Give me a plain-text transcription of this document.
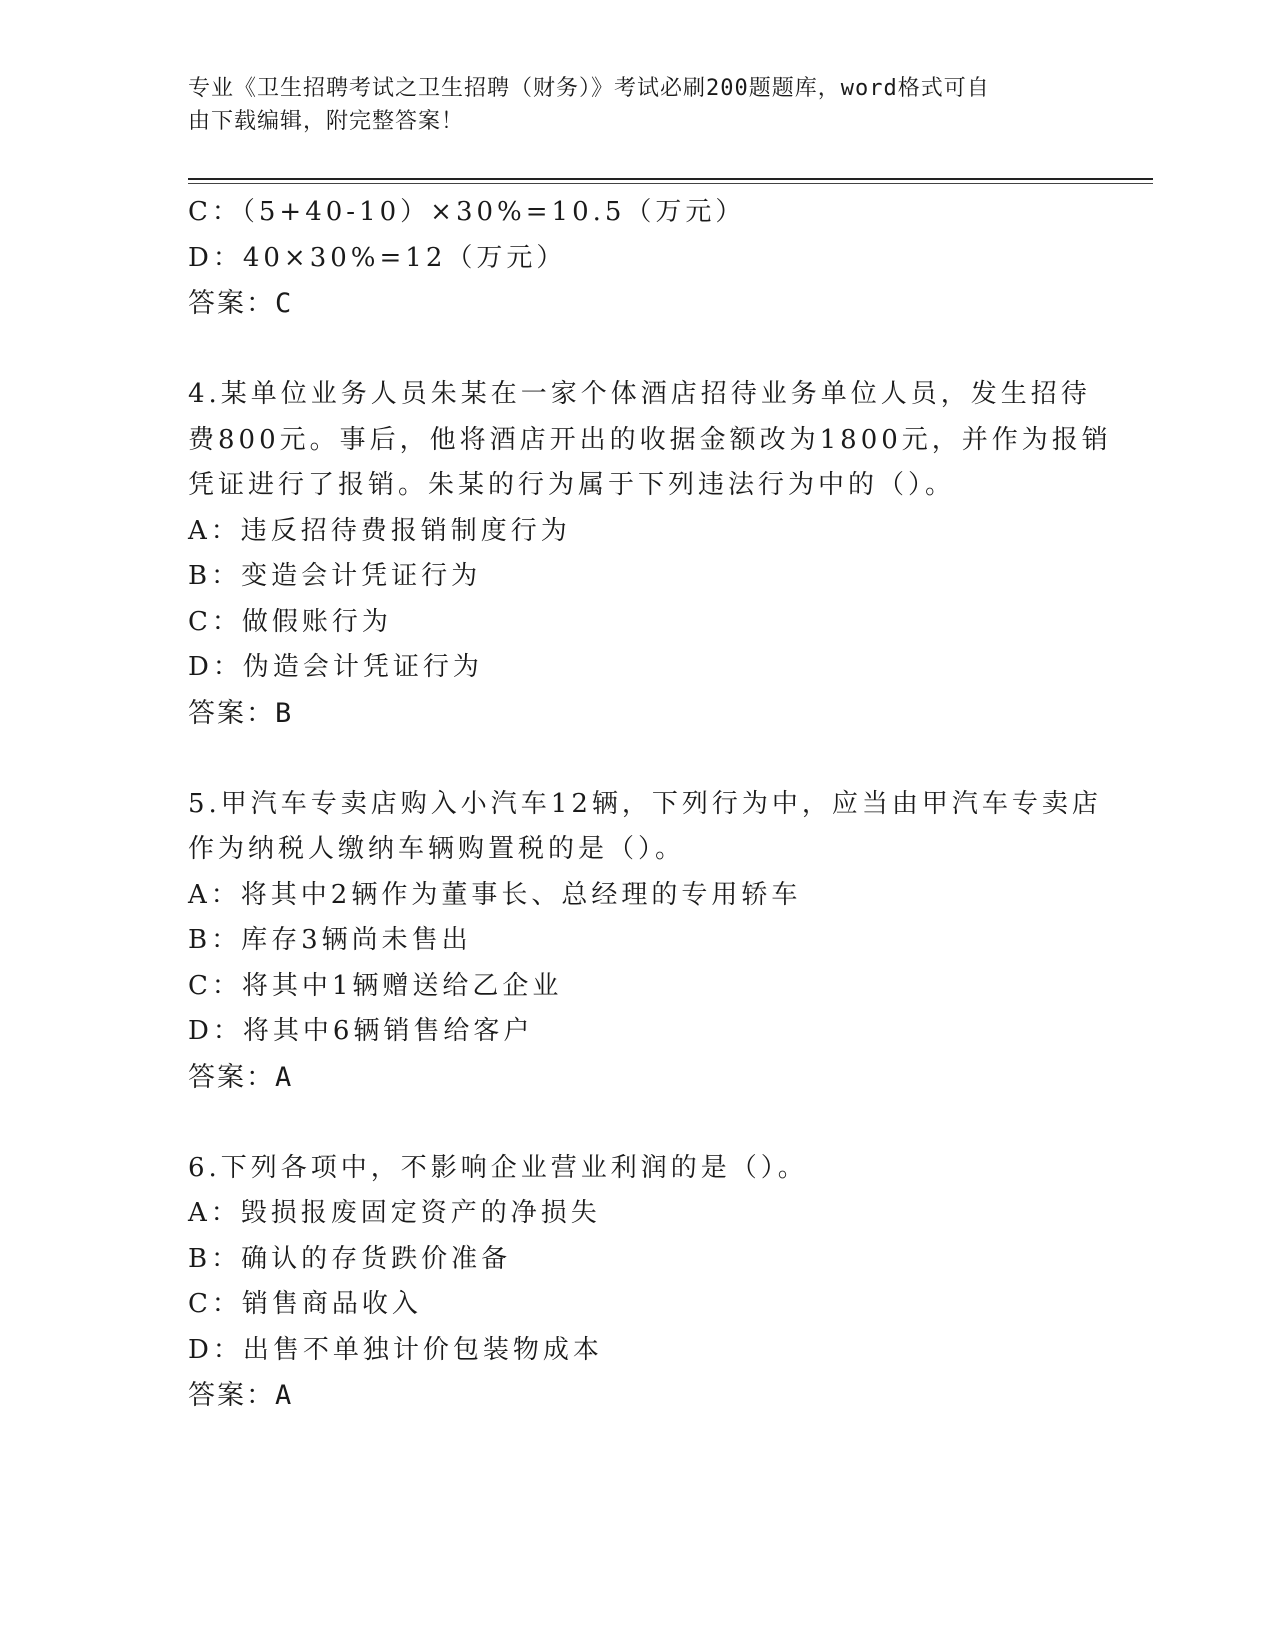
专业《卫生招聘考试之卫生招聘（财务）》考试必刷200题题库，word格式可自
由下载编辑，附完整答案！
C：（5+40-10）×30%=10.5（万元）
D：40×30%=12（万元）
答案：C
4.某单位业务人员朱某在一家个体酒店招待业务单位人员，发生招待
费800元。事后，他将酒店开出的收据金额改为1800元，并作为报销
凭证进行了报销。朱某的行为属于下列违法行为中的（）。
A：违反招待费报销制度行为
B：变造会计凭证行为
C：做假账行为
D：伪造会计凭证行为
答案：B
5.甲汽车专卖店购入小汽车12辆，下列行为中，应当由甲汽车专卖店
作为纳税人缴纳车辆购置税的是（）。
A：将其中2辆作为董事长、总经理的专用轿车
B：库存3辆尚未售出
C：将其中1辆赠送给乙企业
D：将其中6辆销售给客户
答案：A
6.下列各项中，不影响企业营业利润的是（）。
A：毁损报废固定资产的净损失
B：确认的存货跌价准备
C：销售商品收入
D：出售不单独计价包装物成本
答案：A
